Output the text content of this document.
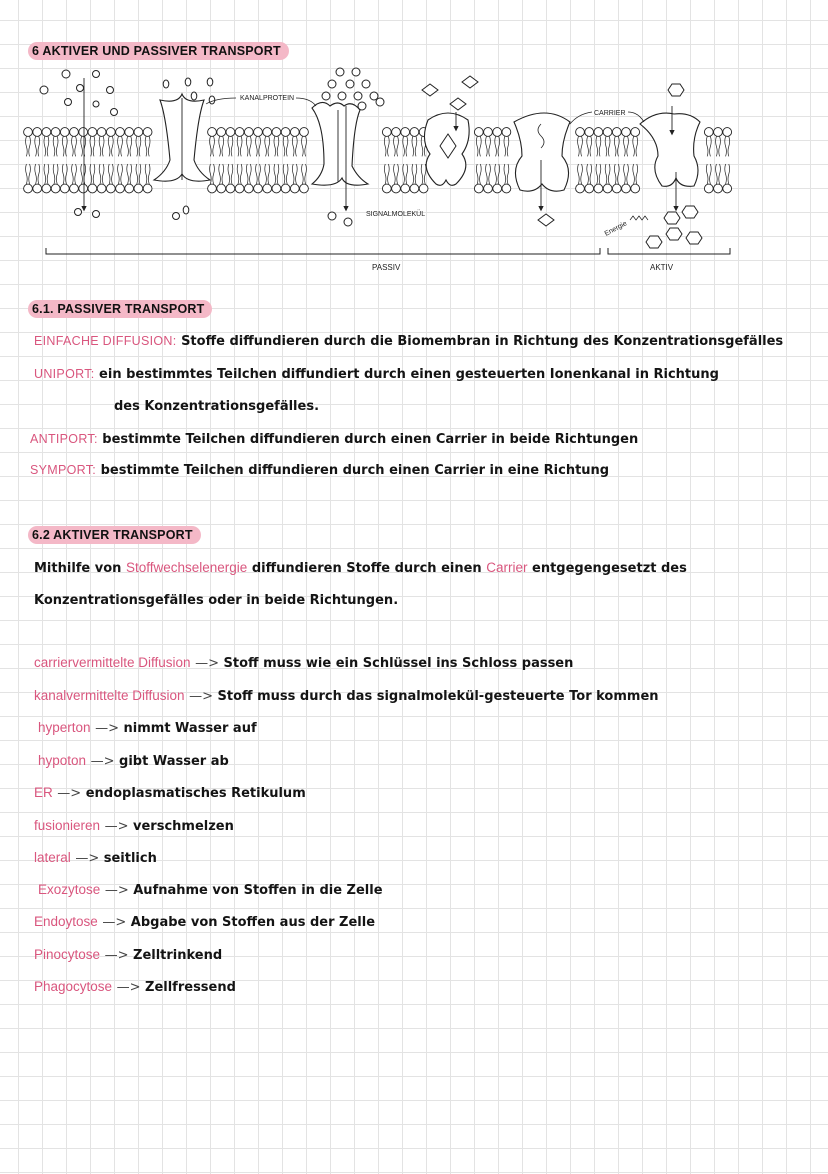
6 AKTIVER UND PASSIVER TRANSPORT
KANALPROTEIN
CARRIER
SIGNALMOLEKÜL
Energie
PASSIV	AKTIV
6.1. PASSIVER TRANSPORT
EINFACHE DIFFUSION: Stoffe diffundieren durch die Biomembran in Richtung des Konzentrationsgefälles
UNIPORT: ein bestimmtes Teilchen diffundiert durch einen gesteuerten Ionenkanal in Richtung
des Konzentrationsgefälles.
ANTIPORT: bestimmte Teilchen diffundieren durch einen Carrier in beide Richtungen
SYMPORT: bestimmte Teilchen diffundieren durch einen Carrier in eine Richtung
6.2 AKTIVER TRANSPORT
Mithilfe von Stoffwechselenergie diffundieren Stoffe durch einen Carrier entgegengesetzt des
Konzentrationsgefälles oder in beide Richtungen.
carriervermittelte Diffusion —> Stoff muss wie ein Schlüssel ins Schloss passen
kanalvermittelte Diffusion —> Stoff muss durch das signalmolekül-gesteuerte Tor kommen
hyperton —> nimmt Wasser auf
hypoton —> gibt Wasser ab
ER —> endoplasmatisches Retikulum
fusionieren —> verschmelzen
lateral —> seitlich
Exozytose —> Aufnahme von Stoffen in die Zelle
Endoytose —> Abgabe von Stoffen aus der Zelle
Pinocytose —> Zelltrinkend
Phagocytose —> Zellfressend
